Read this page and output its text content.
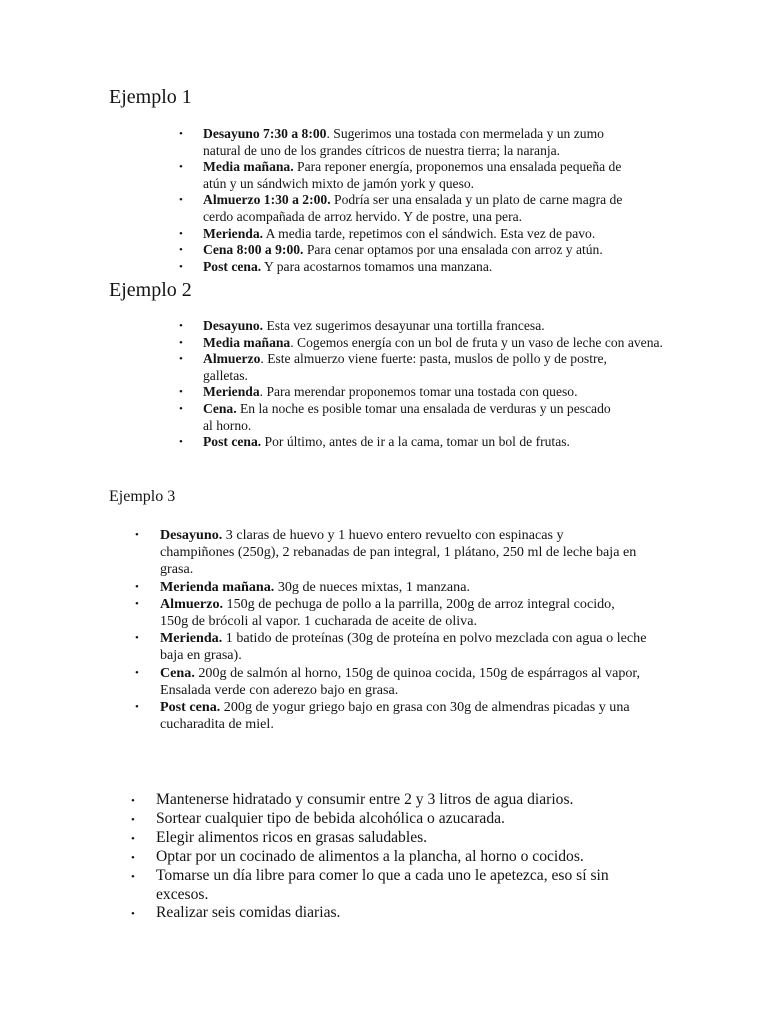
Ejemplo 1
• Desayuno 7:30 a 8:00. Sugerimos una tostada con mermelada y un zumo natural de uno de los grandes cítricos de nuestra tierra; la naranja.
• Media mañana. Para reponer energía, proponemos una ensalada pequeña de atún y un sándwich mixto de jamón york y queso.
• Almuerzo 1:30 a 2:00. Podría ser una ensalada y un plato de carne magra de cerdo acompañada de arroz hervido. Y de postre, una pera.
• Merienda. A media tarde, repetimos con el sándwich. Esta vez de pavo.
• Cena 8:00 a 9:00. Para cenar optamos por una ensalada con arroz y atún.
• Post cena. Y para acostarnos tomamos una manzana.
Ejemplo 2
• Desayuno. Esta vez sugerimos desayunar una tortilla francesa.
• Media mañana. Cogemos energía con un bol de fruta y un vaso de leche con avena.
• Almuerzo. Este almuerzo viene fuerte: pasta, muslos de pollo y de postre, galletas.
• Merienda. Para merendar proponemos tomar una tostada con queso.
• Cena. En la noche es posible tomar una ensalada de verduras y un pescado al horno.
• Post cena. Por último, antes de ir a la cama, tomar un bol de frutas.
Ejemplo 3
• Desayuno. 3 claras de huevo y 1 huevo entero revuelto con espinacas y champiñones (250g), 2 rebanadas de pan integral, 1 plátano, 250 ml de leche baja en grasa.
• Merienda mañana. 30g de nueces mixtas, 1 manzana.
• Almuerzo. 150g de pechuga de pollo a la parrilla, 200g de arroz integral cocido, 150g de brócoli al vapor. 1 cucharada de aceite de oliva.
• Merienda. 1 batido de proteínas (30g de proteína en polvo mezclada con agua o leche baja en grasa).
• Cena. 200g de salmón al horno, 150g de quinoa cocida, 150g de espárragos al vapor, Ensalada verde con aderezo bajo en grasa.
• Post cena. 200g de yogur griego bajo en grasa con 30g de almendras picadas y una cucharadita de miel.
• Mantenerse hidratado y consumir entre 2 y 3 litros de agua diarios.
• Sortear cualquier tipo de bebida alcohólica o azucarada.
• Elegir alimentos ricos en grasas saludables.
• Optar por un cocinado de alimentos a la plancha, al horno o cocidos.
• Tomarse un día libre para comer lo que a cada uno le apetezca, eso sí sin excesos.
• Realizar seis comidas diarias.
